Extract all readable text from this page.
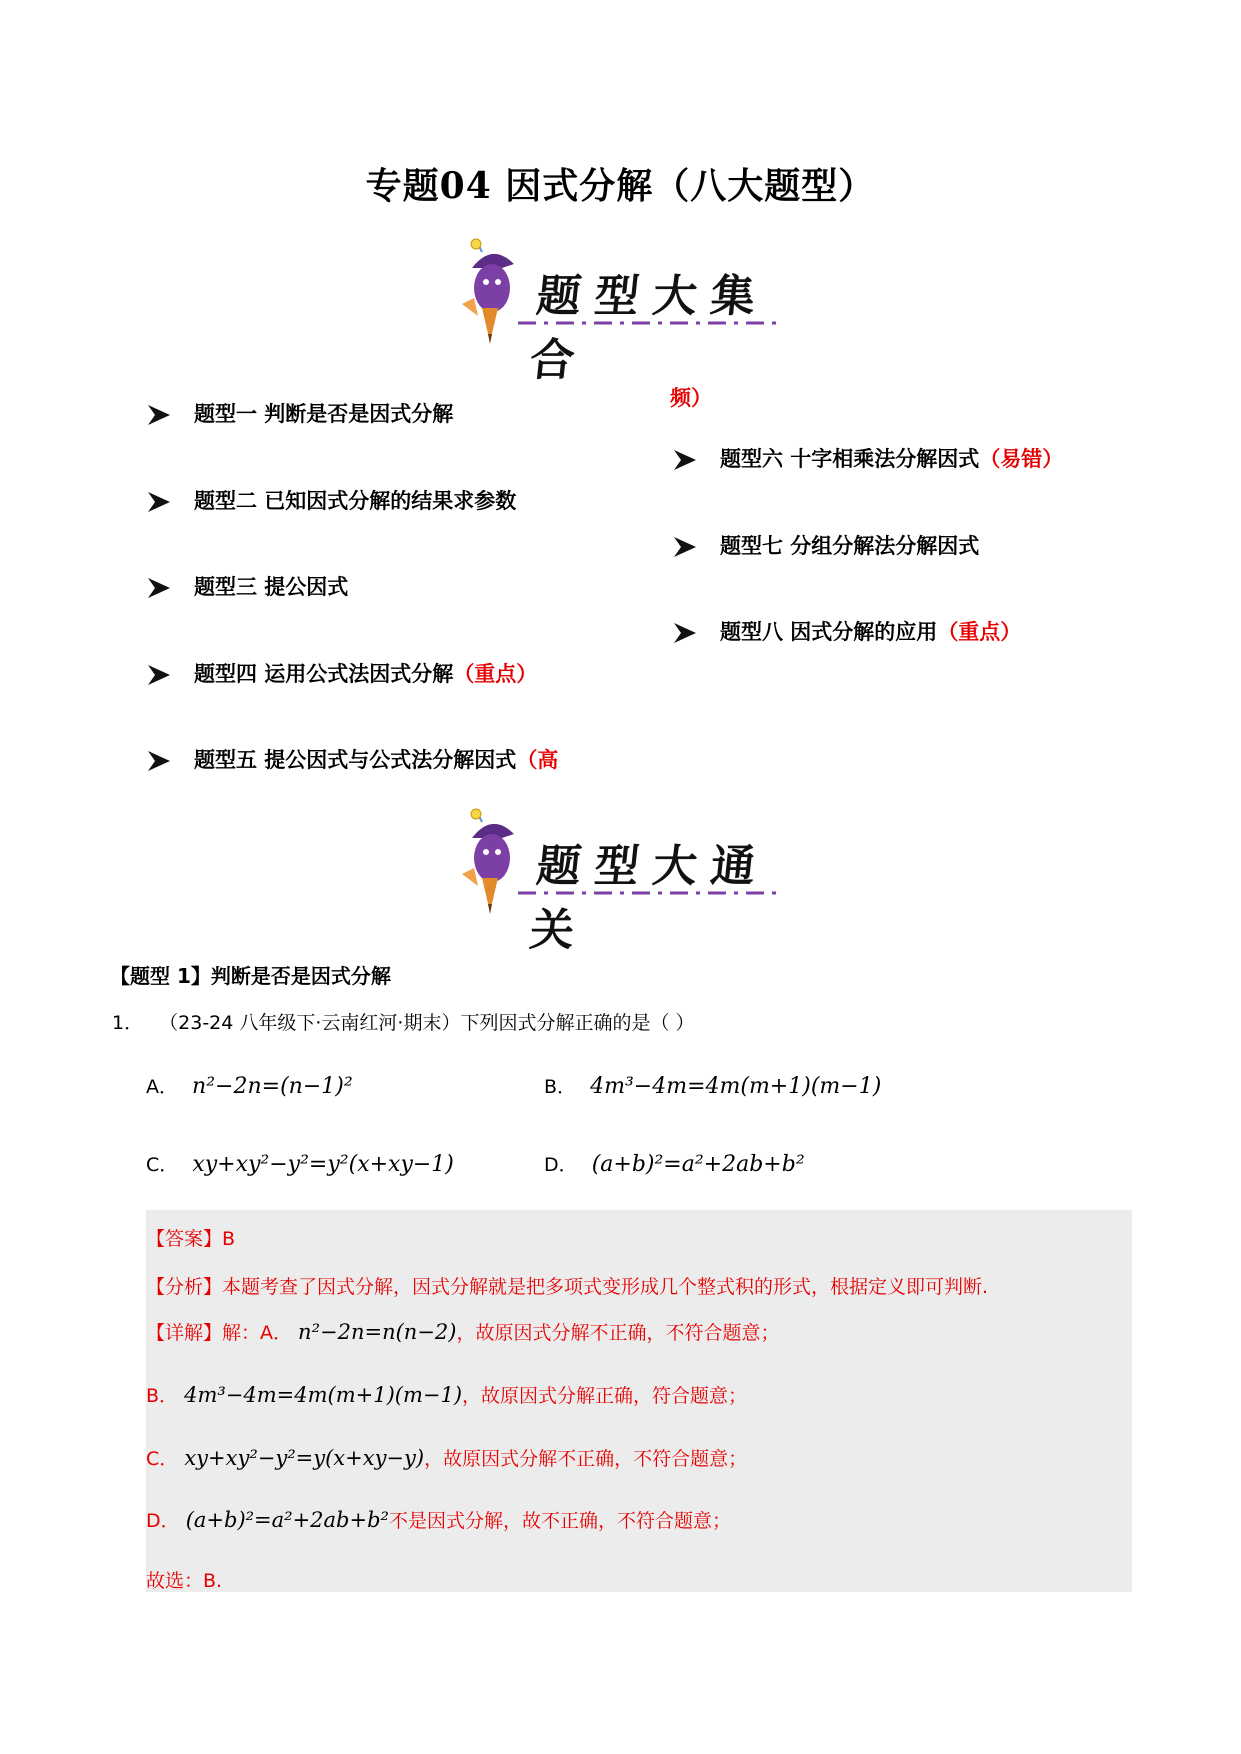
专题04 因式分解（八大题型）
题型大集合
题型一 判断是否是因式分解
题型二 已知因式分解的结果求参数
题型三 提公因式
题型四 运用公式法因式分解（重点）
题型五 提公因式与公式法分解因式（高
频）
题型六 十字相乘法分解因式（易错）
题型七 分组分解法分解因式
题型八 因式分解的应用（重点）
题型大通关
【题型 1】判断是否是因式分解
1． （23-24 八年级下·云南红河·期末）下列因式分解正确的是（ ）
A． n²−2n=(n−1)²	B． 4m³−4m=4m(m+1)(m−1)
C． xy+xy²−y²=y²(x+xy−1)	D． (a+b)²=a²+2ab+b²
【答案】B
【分析】本题考查了因式分解，因式分解就是把多项式变形成几个整式积的形式，根据定义即可判断.
【详解】解：A． n²−2n=n(n−2)，故原因式分解不正确，不符合题意；
B． 4m³−4m=4m(m+1)(m−1)，故原因式分解正确，符合题意；
C． xy+xy²−y²=y(x+xy−y)，故原因式分解不正确，不符合题意；
D． (a+b)²=a²+2ab+b²不是因式分解，故不正确，不符合题意；
故选：B.
